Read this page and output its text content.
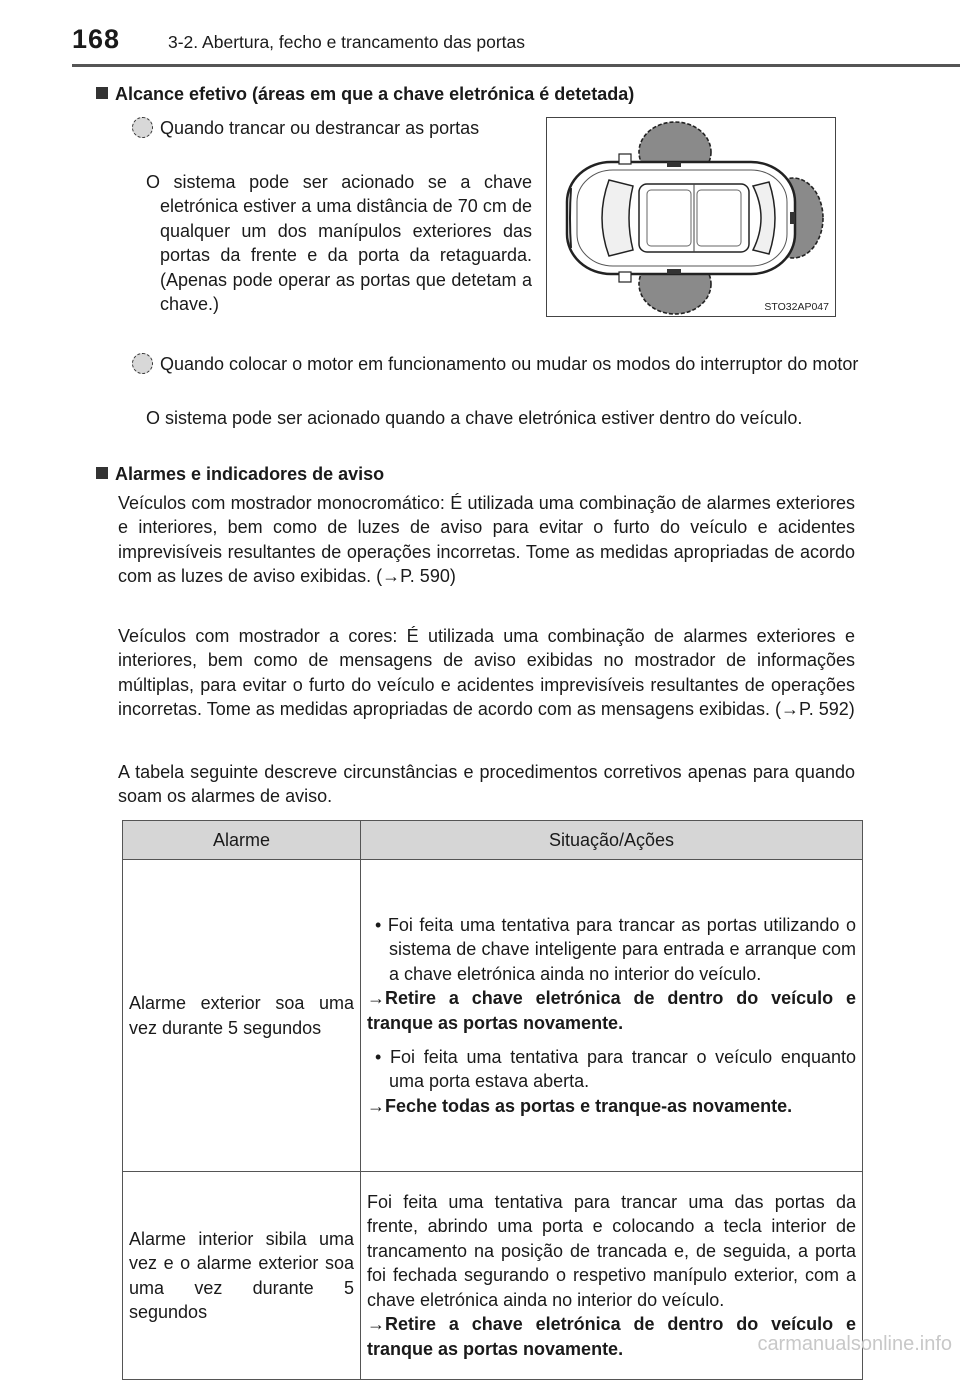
168	3-2. Abertura, fecho e trancamento das portas
Alcance efetivo (áreas em que a chave eletrónica é detetada)

Quando trancar ou destrancar as portas

O sistema pode ser acionado se a chave eletrónica estiver a uma distância de 70 cm de qualquer um dos manípulos exteriores das portas da frente e da porta da retaguarda. (Apenas pode operar as portas que detetam a chave.)	STO32AP047

Quando colocar o motor em funcionamento ou mudar os modos do interruptor do motor

O sistema pode ser acionado quando a chave eletrónica estiver dentro do veículo.

Alarmes e indicadores de aviso

Veículos com mostrador monocromático: É utilizada uma combinação de alarmes exteriores e interiores, bem como de luzes de aviso para evitar o furto do veículo e acidentes imprevisíveis resultantes de operações incorretas. Tome as medidas apropriadas de acordo com as luzes de aviso exibidas. (→P. 590)

Veículos com mostrador a cores: É utilizada uma combinação de alarmes exteriores e interiores, bem como de mensagens de aviso exibidas no mostrador de informações múltiplas, para evitar o furto do veículo e acidentes imprevisíveis resultantes de operações incorretas. Tome as medidas apropriadas de acordo com as mensagens exibidas. (→P. 592)

A tabela seguinte descreve circunstâncias e procedimentos corretivos apenas para quando soam os alarmes de aviso.

Alarme	Situação/Ações
Alarme exterior soa uma vez durante 5 segundos	• Foi feita uma tentativa para trancar as portas utilizando o sistema de chave inteligente para entrada e arranque com a chave eletrónica ainda no interior do veículo.

→Retire a chave eletrónica de dentro do veículo e tranque as portas novamente.

• Foi feita uma tentativa para trancar o veículo enquanto uma porta estava aberta.

→Feche todas as portas e tranque-as novamente.

Alarme interior sibila uma vez e o alarme exterior soa uma vez durante 5 segundos	Foi feita uma tentativa para trancar uma das portas da frente, abrindo uma porta e colocando a tecla interior de trancamento na posição de trancada e, de seguida, a porta foi fechada segurando o respetivo manípulo exterior, com a chave eletrónica ainda no interior do veículo.

→Retire a chave eletrónica de dentro do veículo e tranque as portas novamente.	carmanualsonline.info
